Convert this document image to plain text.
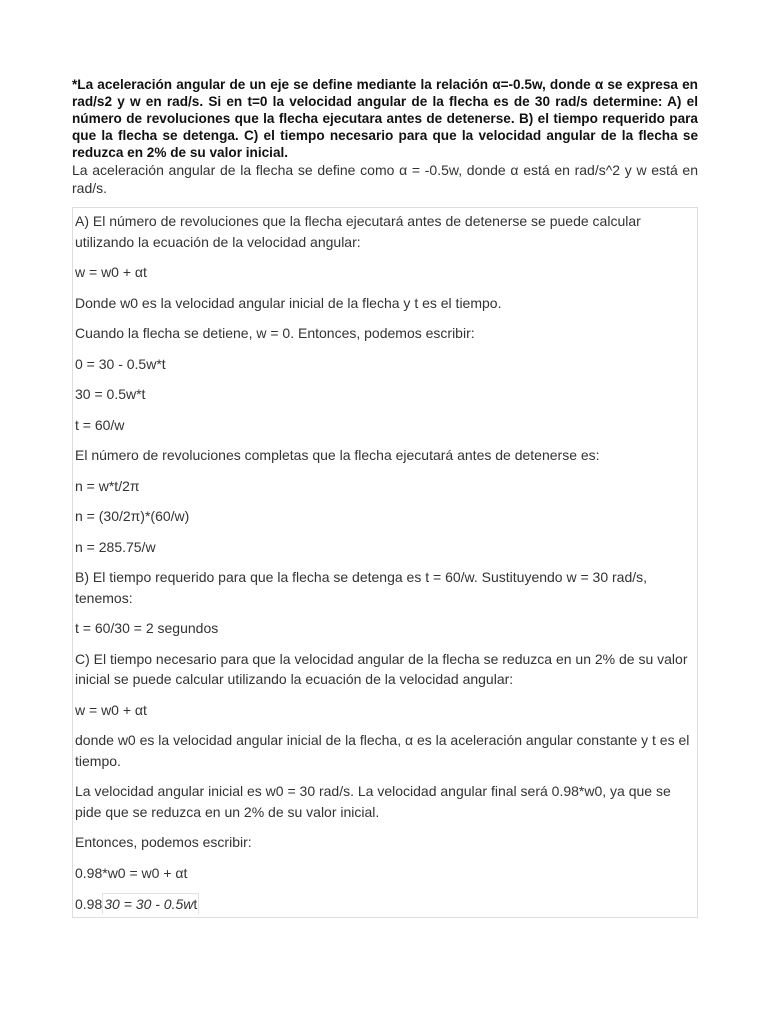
*La aceleración angular de un eje se define mediante la relación α=-0.5w, donde α se expresa en rad/s2 y w en rad/s. Si en t=0 la velocidad angular de la flecha es de 30 rad/s determine: A) el número de revoluciones que la flecha ejecutara antes de detenerse. B) el tiempo requerido para que la flecha se detenga. C) el tiempo necesario para que la velocidad angular de la flecha se reduzca en 2% de su valor inicial.

La aceleración angular de la flecha se define como α = -0.5w, donde α está en rad/s^2 y w está en rad/s.

A) El número de revoluciones que la flecha ejecutará antes de detenerse se puede calcular utilizando la ecuación de la velocidad angular:

w = w0 + αt

Donde w0 es la velocidad angular inicial de la flecha y t es el tiempo.

Cuando la flecha se detiene, w = 0. Entonces, podemos escribir:

0 = 30 - 0.5w*t

30 = 0.5w*t

t = 60/w

El número de revoluciones completas que la flecha ejecutará antes de detenerse es:

n = w*t/2π

n = (30/2π)*(60/w)

n = 285.75/w

B) El tiempo requerido para que la flecha se detenga es t = 60/w. Sustituyendo w = 30 rad/s, tenemos:

t = 60/30 = 2 segundos

C) El tiempo necesario para que la velocidad angular de la flecha se reduzca en un 2% de su valor inicial se puede calcular utilizando la ecuación de la velocidad angular:

w = w0 + αt

donde w0 es la velocidad angular inicial de la flecha, α es la aceleración angular constante y t es el tiempo.

La velocidad angular inicial es w0 = 30 rad/s. La velocidad angular final será 0.98*w0, ya que se pide que se reduzca en un 2% de su valor inicial.

Entonces, podemos escribir:

0.98*w0 = w0 + αt

0.98 30 = 30 - 0.5wt
